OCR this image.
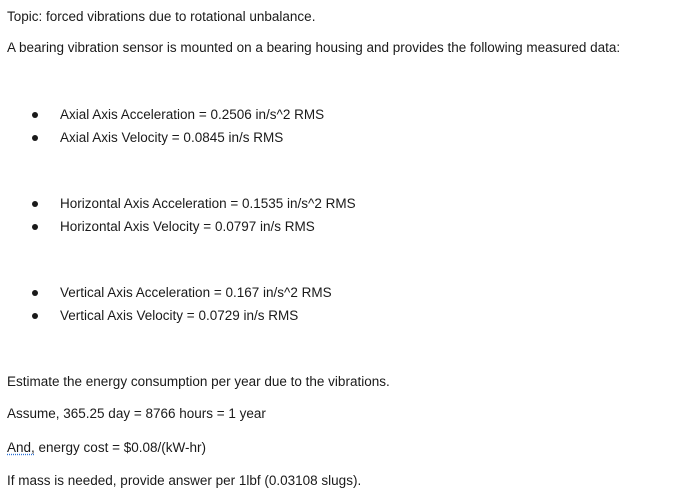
Topic: forced vibrations due to rotational unbalance.
A bearing vibration sensor is mounted on a bearing housing and provides the following measured data:
Axial Axis Acceleration = 0.2506 in/s^2 RMS
Axial Axis Velocity = 0.0845 in/s RMS
Horizontal Axis Acceleration = 0.1535 in/s^2 RMS
Horizontal Axis Velocity = 0.0797 in/s RMS
Vertical Axis Acceleration = 0.167 in/s^2 RMS
Vertical Axis Velocity = 0.0729 in/s RMS
Estimate the energy consumption per year due to the vibrations.
Assume, 365.25 day = 8766 hours = 1 year
And, energy cost = $0.08/(kW-hr)
If mass is needed, provide answer per 1lbf (0.03108 slugs).
